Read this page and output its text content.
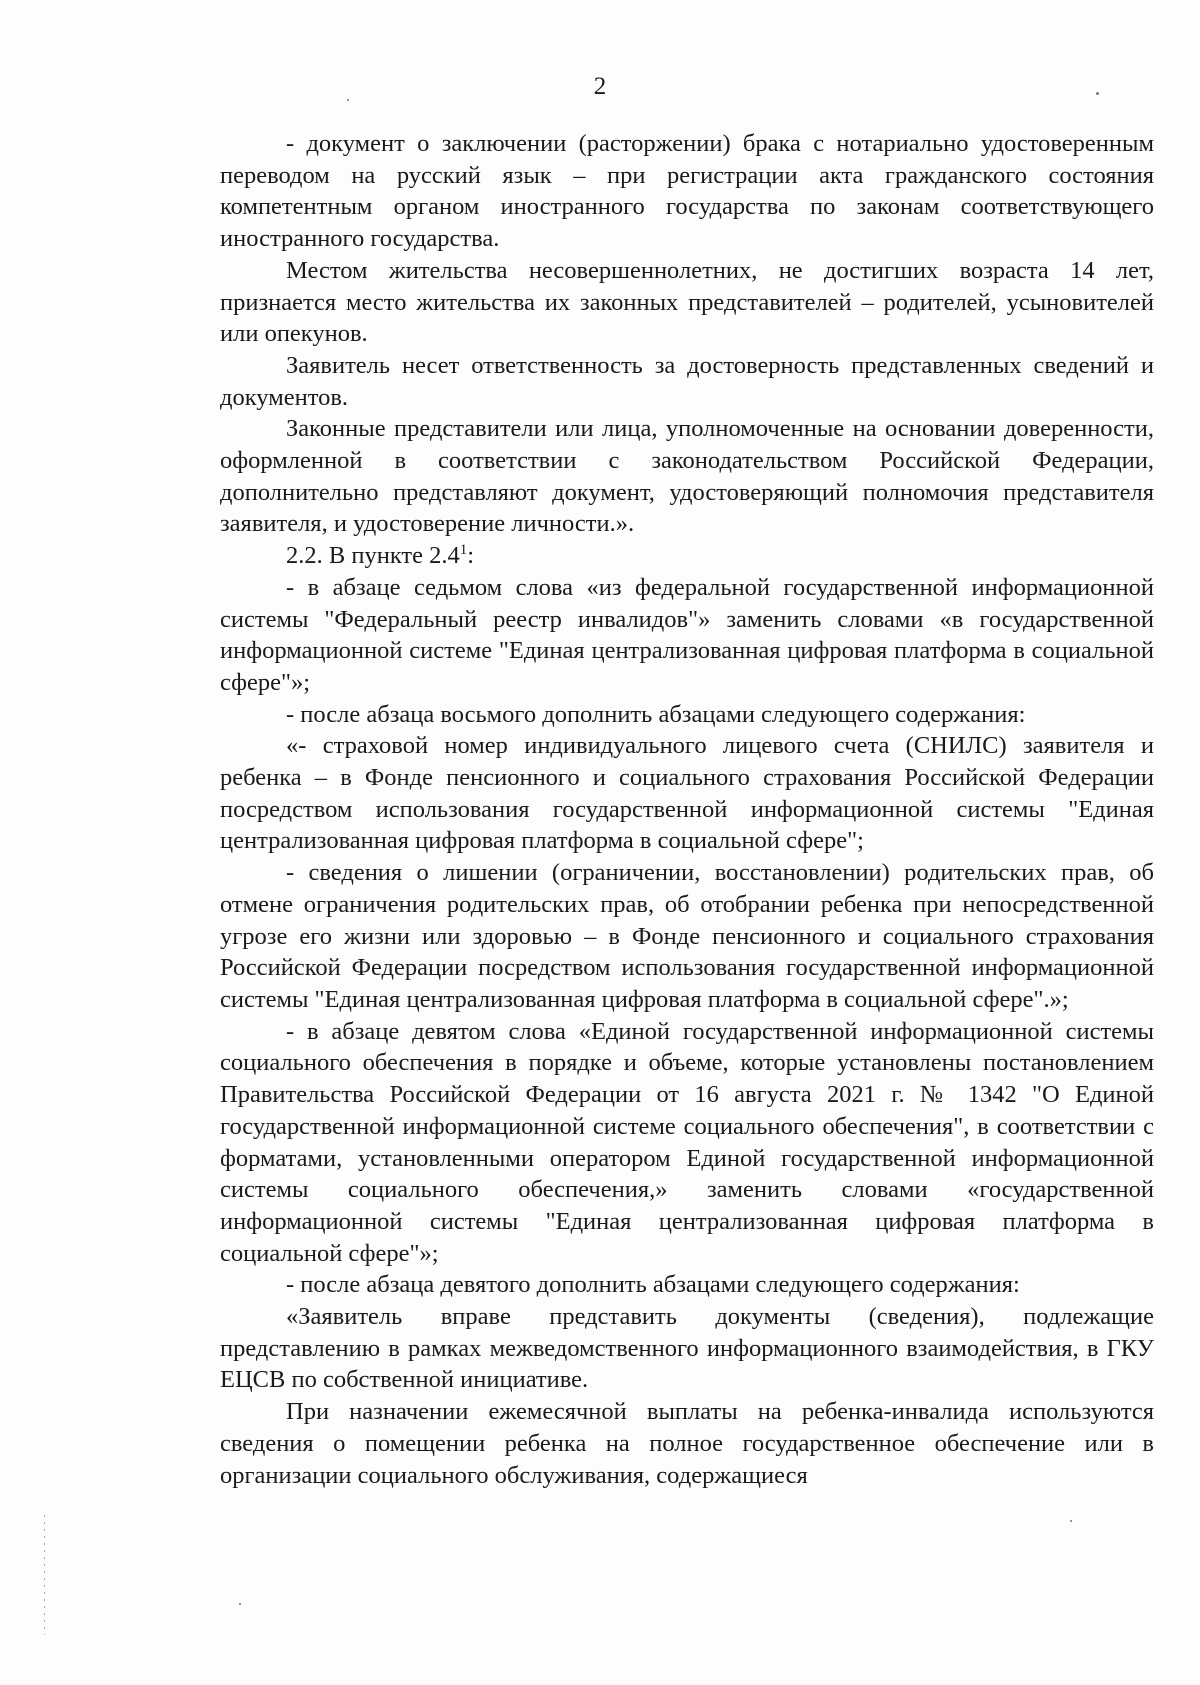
2

- документ о заключении (расторжении) брака с нотариально удостоверенным переводом на русский язык – при регистрации акта гражданского состояния компетентным органом иностранного государства по законам соответствующего иностранного государства.

Местом жительства несовершеннолетних, не достигших возраста 14 лет, признается место жительства их законных представителей – родителей, усыновителей или опекунов.

Заявитель несет ответственность за достоверность представленных сведений и документов.

Законные представители или лица, уполномоченные на основании доверенности, оформленной в соответствии с законодательством Российской Федерации, дополнительно представляют документ, удостоверяющий полномочия представителя заявителя, и удостоверение личности.».

2.2. В пункте $2.4^1$:

- в абзаце седьмом слова «из федеральной государственной информационной системы "Федеральный реестр инвалидов"» заменить словами «в государственной информационной системе "Единая централизованная цифровая платформа в социальной сфере"»;

- после абзаца восьмого дополнить абзацами следующего содержания:

«- страховой номер индивидуального лицевого счета (СНИЛС) заявителя и ребенка – в Фонде пенсионного и социального страхования Российской Федерации посредством использования государственной информационной системы "Единая централизованная цифровая платформа в социальной сфере";

- сведения о лишении (ограничении, восстановлении) родительских прав, об отмене ограничения родительских прав, об отобрании ребенка при непосредственной угрозе его жизни или здоровью – в Фонде пенсионного и социального страхования Российской Федерации посредством использования государственной информационной системы "Единая централизованная цифровая платформа в социальной сфере".»;

- в абзаце девятом слова «Единой государственной информационной системы социального обеспечения в порядке и объеме, которые установлены постановлением Правительства Российской Федерации от 16 августа 2021 г. № 1342 "О Единой государственной информационной системе социального обеспечения", в соответствии с форматами, установленными оператором Единой государственной информационной системы социального обеспечения,» заменить словами «государственной информационной системы "Единая централизованная цифровая платформа в социальной сфере"»;

- после абзаца девятого дополнить абзацами следующего содержания:

«Заявитель вправе представить документы (сведения), подлежащие представлению в рамках межведомственного информационного взаимодействия, в ГКУ ЕЦСВ по собственной инициативе.

При назначении ежемесячной выплаты на ребенка-инвалида используются сведения о помещении ребенка на полное государственное обеспечение или в организации социального обслуживания, содержащиеся
